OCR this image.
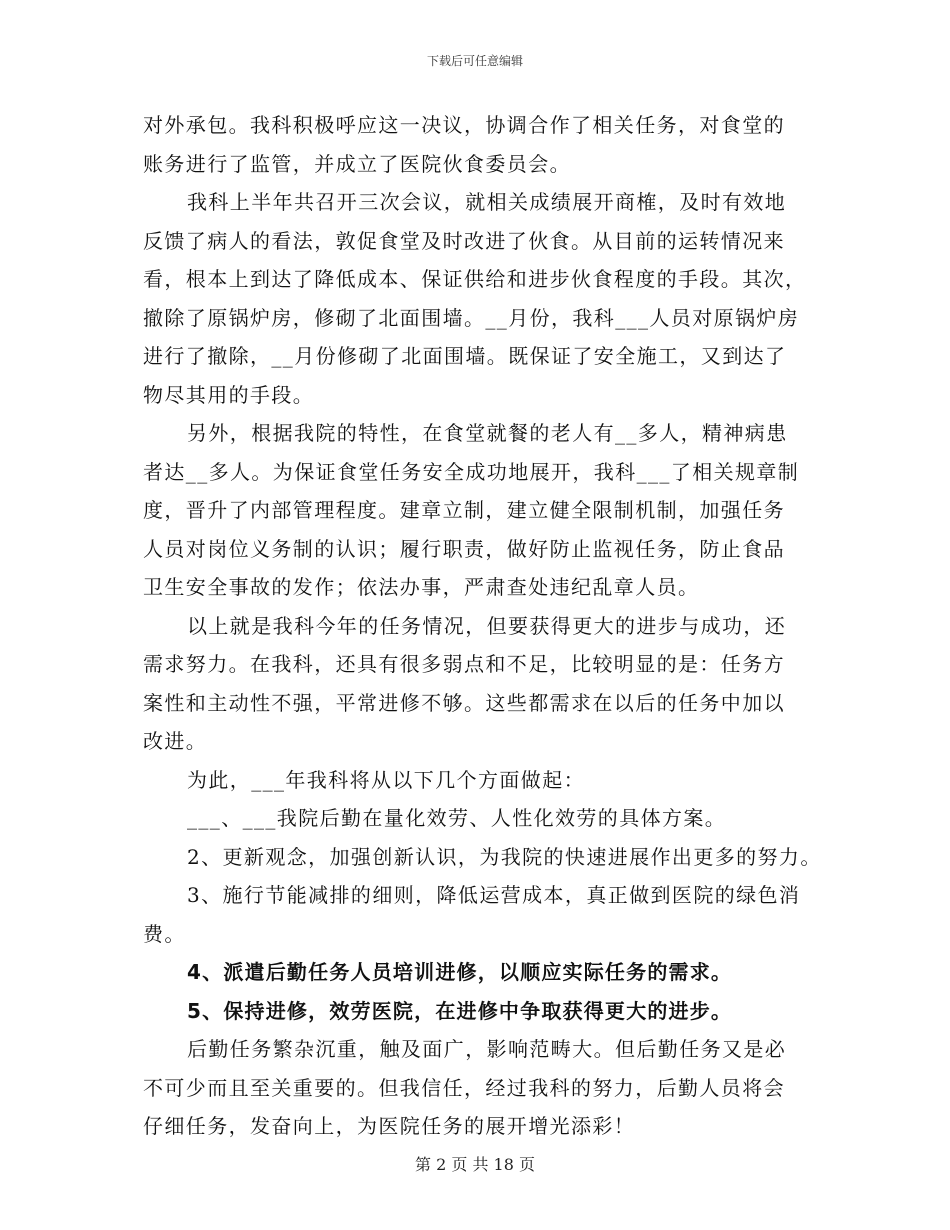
下载后可任意编辑
对外承包。我科积极呼应这一决议，协调合作了相关任务，对食堂的
账务进行了监管，并成立了医院伙食委员会。
我科上半年共召开三次会议，就相关成绩展开商榷，及时有效地
反馈了病人的看法，敦促食堂及时改进了伙食。从目前的运转情况来
看，根本上到达了降低成本、保证供给和进步伙食程度的手段。其次，
撤除了原锅炉房，修砌了北面围墙。__月份，我科___人员对原锅炉房
进行了撤除，__月份修砌了北面围墙。既保证了安全施工，又到达了
物尽其用的手段。
另外，根据我院的特性，在食堂就餐的老人有__多人，精神病患
者达__多人。为保证食堂任务安全成功地展开，我科___了相关规章制
度，晋升了内部管理程度。建章立制，建立健全限制机制，加强任务
人员对岗位义务制的认识；履行职责，做好防止监视任务，防止食品
卫生安全事故的发作；依法办事，严肃查处违纪乱章人员。
以上就是我科今年的任务情况，但要获得更大的进步与成功，还
需求努力。在我科，还具有很多弱点和不足，比较明显的是：任务方
案性和主动性不强，平常进修不够。这些都需求在以后的任务中加以
改进。
为此，___年我科将从以下几个方面做起：
___、___我院后勤在量化效劳、人性化效劳的具体方案。
2、更新观念，加强创新认识，为我院的快速进展作出更多的努力。
3、施行节能减排的细则，降低运营成本，真正做到医院的绿色消
费。
4、派遣后勤任务人员培训进修，以顺应实际任务的需求。
5、保持进修，效劳医院，在进修中争取获得更大的进步。
后勤任务繁杂沉重，触及面广，影响范畴大。但后勤任务又是必
不可少而且至关重要的。但我信任，经过我科的努力，后勤人员将会
仔细任务，发奋向上，为医院任务的展开增光添彩！
第 2 页 共 18 页
